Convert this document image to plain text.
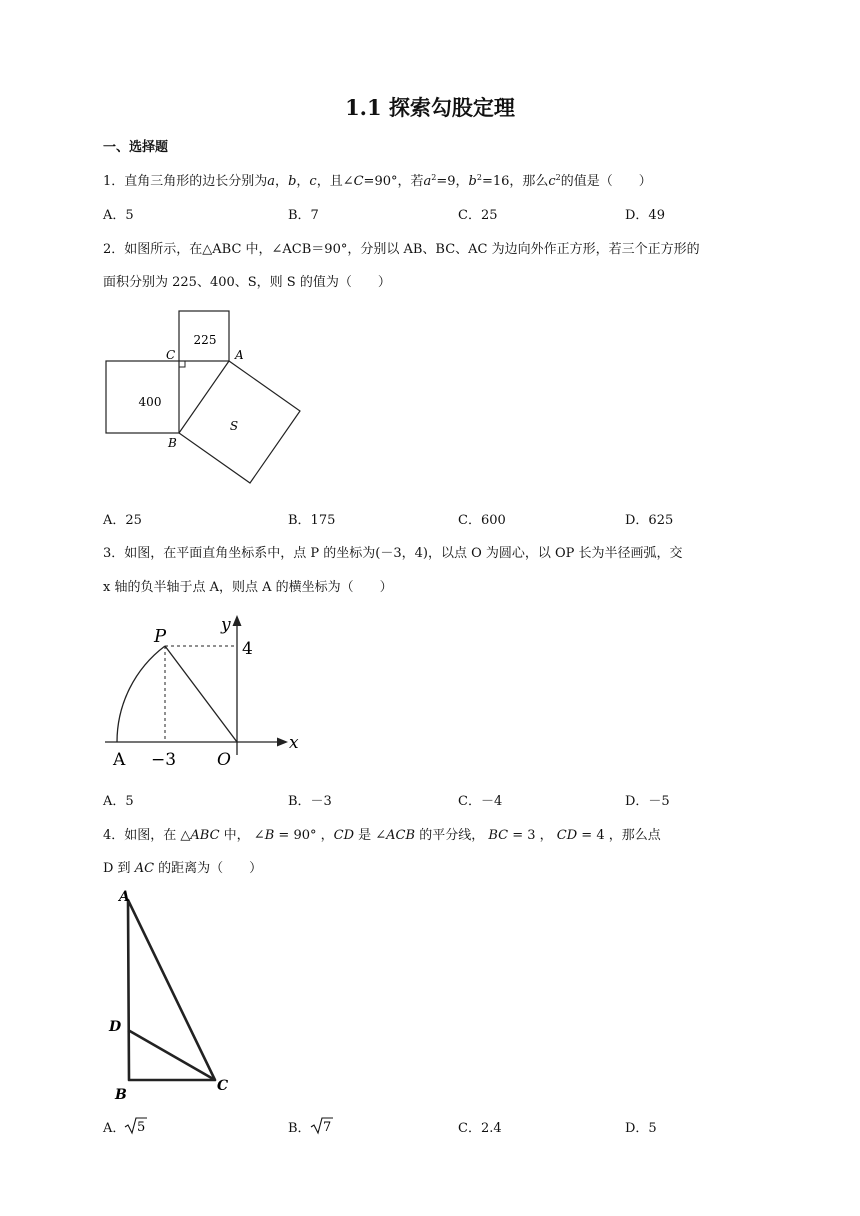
1.1 探索勾股定理
一、选择题
1．直角三角形的边长分别为a，b，c，且∠C=90°，若$a^2=9$，$b^2=16$，那么$c^2$的值是（　　）
A．5	B．7	C．25	D．49
2．如图所示，在△ABC 中，∠ACB＝90°，分别以 AB、BC、AC 为边向外作正方形，若三个正方形的
面积分别为 225、400、S，则 S 的值为（　　）
225
400
S
C	A
B
A．25	B．175	C．600	D．625
3．如图，在平面直角坐标系中，点 P 的坐标为(－3，4)，以点 O 为圆心，以 OP 长为半径画弧，交
x 轴的负半轴于点 A，则点 A 的横坐标为（　　）
P
y
4
x
A −3 O
A．5	B．－3	C．－4	D．－5
4．如图，在 △ABC 中， ∠B = 90° ，CD 是 ∠ACB 的平分线， BC = 3 ， CD = 4 ，那么点
D 到 AC 的距离为（　　）
A
D
B
C
A． 5	B． 7	C．2.4	D．5
